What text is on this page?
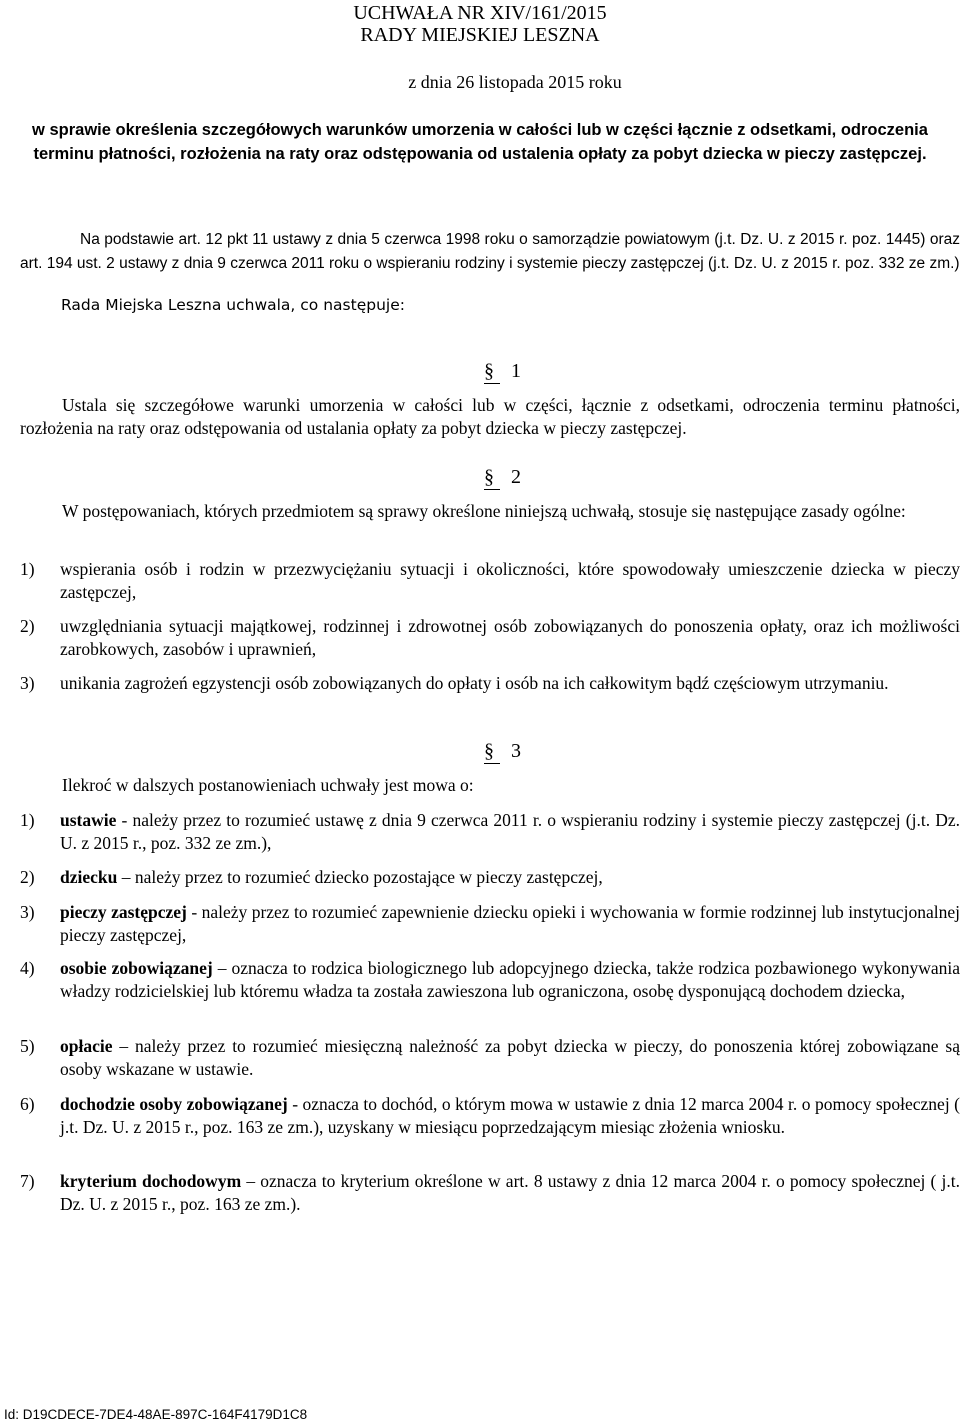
UCHWAŁA NR XIV/161/2015
RADY MIEJSKIEJ LESZNA
z dnia 26 listopada 2015 roku
w sprawie określenia szczegółowych warunków umorzenia w całości lub w części łącznie z odsetkami, odroczenia terminu płatności, rozłożenia na raty oraz odstępowania od ustalenia opłaty za pobyt dziecka w pieczy zastępczej.
Na podstawie art. 12 pkt 11 ustawy z dnia 5 czerwca 1998 roku o samorządzie powiatowym (j.t. Dz. U. z 2015 r. poz. 1445) oraz art. 194 ust. 2 ustawy z dnia 9 czerwca 2011 roku o wspieraniu rodziny i systemie pieczy zastępczej (j.t. Dz. U. z 2015 r. poz. 332 ze zm.)
Rada Miejska Leszna uchwala, co następuje:
§ 1
Ustala się szczegółowe warunki umorzenia w całości lub w części, łącznie z odsetkami, odroczenia terminu płatności, rozłożenia na raty oraz odstępowania od ustalania opłaty za pobyt dziecka w pieczy zastępczej.
§ 2
W postępowaniach, których przedmiotem są sprawy określone niniejszą uchwałą, stosuje się następujące zasady ogólne:
1) wspierania osób i rodzin w przezwyciężaniu sytuacji i okoliczności, które spowodowały umieszczenie dziecka w pieczy zastępczej,
2) uwzględniania sytuacji majątkowej, rodzinnej i zdrowotnej osób zobowiązanych do ponoszenia opłaty, oraz ich możliwości zarobkowych, zasobów i uprawnień,
3) unikania zagrożeń egzystencji osób zobowiązanych do opłaty i osób na ich całkowitym bądź częściowym utrzymaniu.
§ 3
Ilekroć w dalszych postanowieniach uchwały jest mowa o:
1) ustawie - należy przez to rozumieć ustawę z dnia 9 czerwca 2011 r. o wspieraniu rodziny i systemie pieczy zastępczej (j.t. Dz. U. z 2015 r., poz. 332 ze zm.),
2) dziecku – należy przez to rozumieć dziecko pozostające w pieczy zastępczej,
3) pieczy zastępczej - należy przez to rozumieć zapewnienie dziecku opieki i wychowania w formie rodzinnej lub instytucjonalnej pieczy zastępczej,
4) osobie zobowiązanej – oznacza to rodzica biologicznego lub adopcyjnego dziecka, także rodzica pozbawionego wykonywania władzy rodzicielskiej lub któremu władza ta została zawieszona lub ograniczona, osobę dysponującą dochodem dziecka,
5) opłacie – należy przez to rozumieć miesięczną należność za pobyt dziecka w pieczy, do ponoszenia której zobowiązane są osoby wskazane w ustawie.
6) dochodzie osoby zobowiązanej - oznacza to dochód, o którym mowa w ustawie z dnia 12 marca 2004 r. o pomocy społecznej ( j.t. Dz. U. z 2015 r., poz. 163 ze zm.), uzyskany w miesiącu poprzedzającym miesiąc złożenia wniosku.
7) kryterium dochodowym – oznacza to kryterium określone w art. 8 ustawy z dnia 12 marca 2004 r. o pomocy społecznej ( j.t. Dz. U. z 2015 r., poz. 163 ze zm.).
Id: D19CDECE-7DE4-48AE-897C-164F4179D1C8
